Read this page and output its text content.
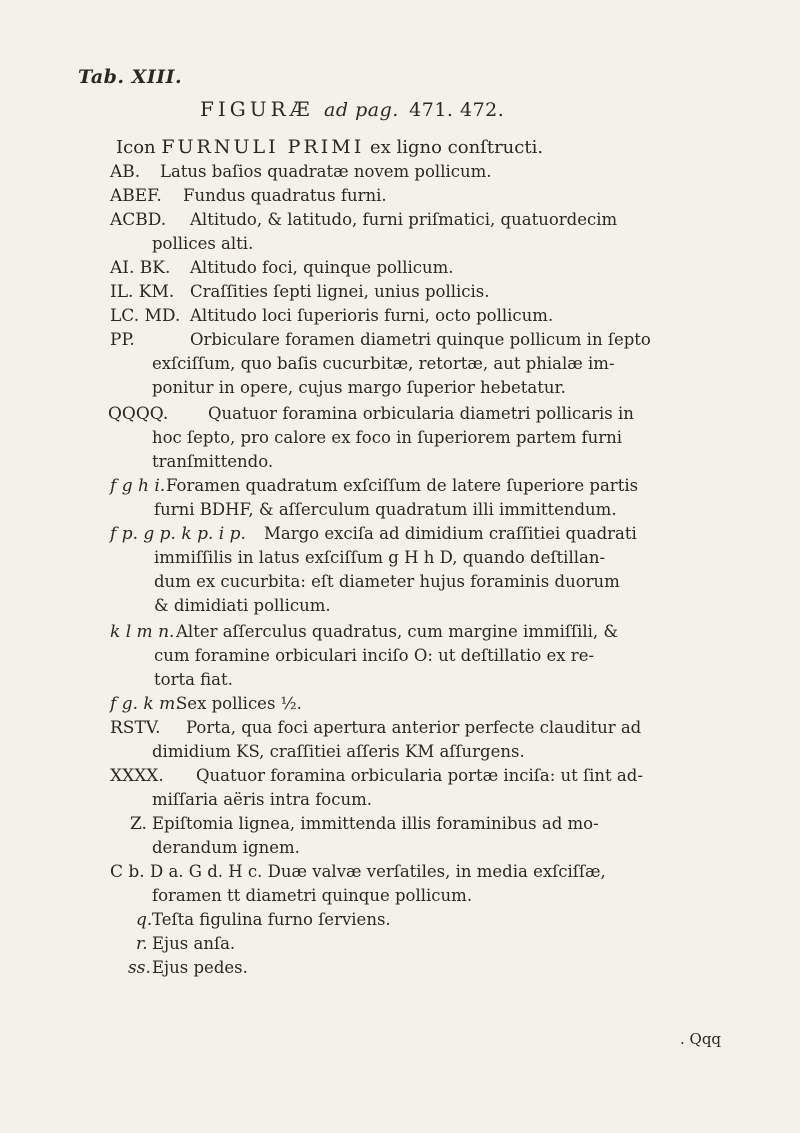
Tab. XIII.
FIGURÆ ad pag. 471. 472.
Icon FURNULI PRIMI ex ligno conſtructi.
AB. Latus baſios quadratæ novem pollicum.
ABEF. Fundus quadratus furni.
ACBD. Altitudo, & latitudo, furni priſmatici, quatuordecim
pollices alti.
AI. BK. Altitudo foci, quinque pollicum.
IL. KM. Craſſities ſepti lignei, unius pollicis.
LC. MD. Altitudo loci ſuperioris furni, octo pollicum.
PP.	Orbiculare foramen diametri quinque pollicum in ſepto
exſciſſum, quo baſis cucurbitæ, retortæ, aut phialæ im-
ponitur in opere, cujus margo ſuperior hebetatur.
QQQQ. Quatuor foramina orbicularia diametri pollicaris in
hoc ſepto, pro calore ex foco in ſuperiorem partem furni
tranſmittendo.
f g h i. Foramen quadratum exſciſſum de latere ſuperiore partis
furni BDHF, & aſſerculum quadratum illi immittendum.
f p. g p. k p. i p. Margo exciſa ad dimidium craſſitiei quadrati
immiſſilis in latus exſciſſum g H h D, quando deſtillan-
dum ex cucurbita: eſt diameter hujus foraminis duorum
& dimidiati pollicum.
k l m n. Alter aſſerculus quadratus, cum margine immiſſili, &
cum foramine orbiculari inciſo O: ut deſtillatio ex re-
torta fiat.
f g. k m.
Sex pollices ½.
RSTV. Porta, qua foci apertura anterior perfecte clauditur ad
dimidium KS, craſſitiei aſſeris KM aſſurgens.
XXXX. Quatuor foramina orbicularia portæ inciſa: ut ſint ad-
miſſaria aëris intra focum.
Z. Epiſtomia lignea, immittenda illis foraminibus ad mo-
derandum ignem.
C b. D a. G d. H c. Duæ valvæ verſatiles, in media exſciſſæ,
foramen tt diametri quinque pollicum.
q. Teſta figulina furno ſerviens.
r. Ejus anſa.
ss. Ejus pedes.
. Qqq
